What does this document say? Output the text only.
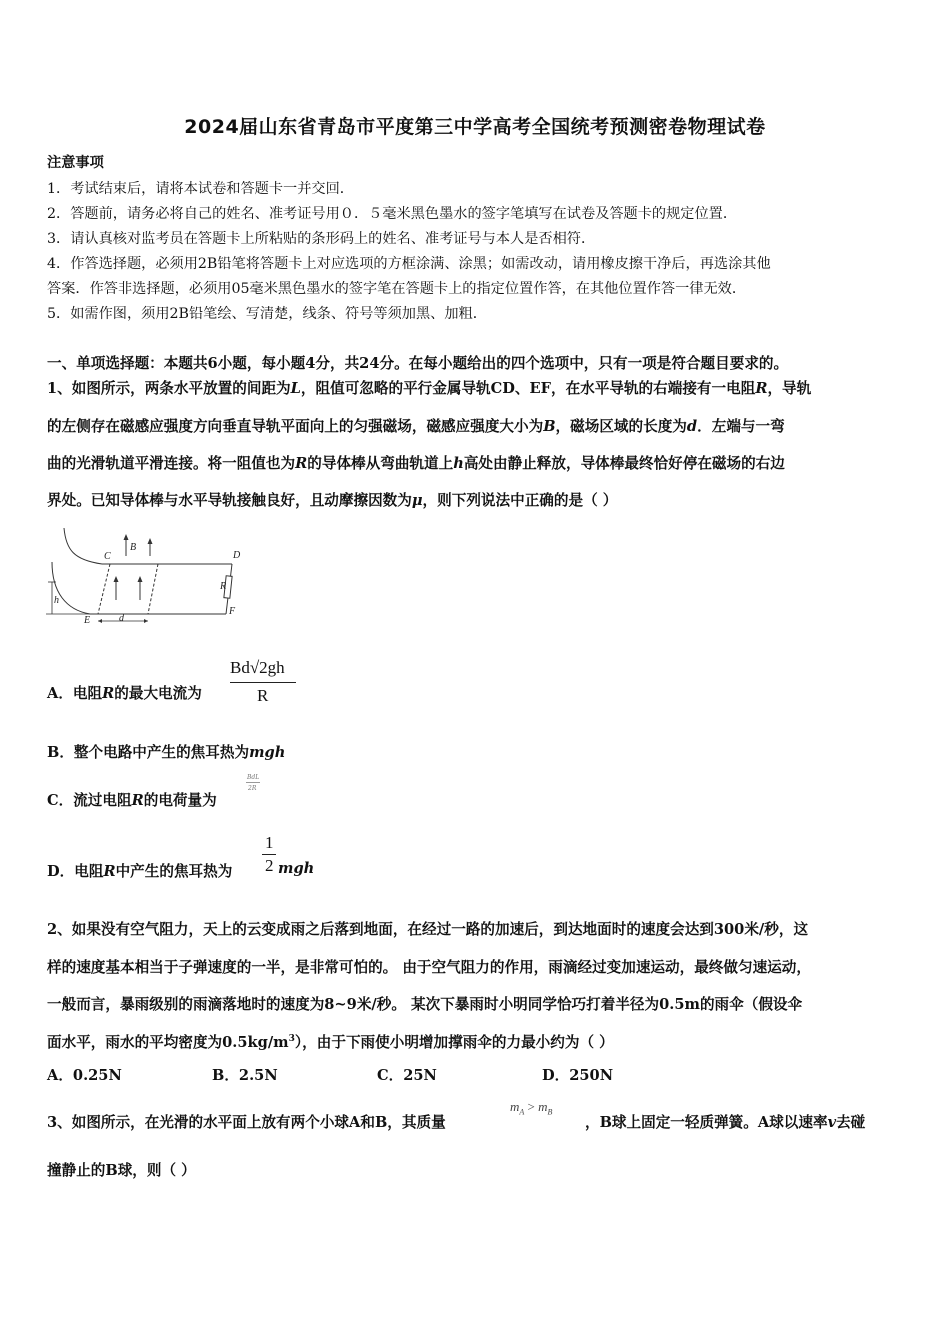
2024届山东省青岛市平度第三中学高考全国统考预测密卷物理试卷
注意事项
1．考试结束后，请将本试卷和答题卡一并交回．
2．答题前，请务必将自己的姓名、准考证号用０．５毫米黑色墨水的签字笔填写在试卷及答题卡的规定位置．
3．请认真核对监考员在答题卡上所粘贴的条形码上的姓名、准考证号与本人是否相符．
4．作答选择题，必须用2B铅笔将答题卡上对应选项的方框涂满、涂黑；如需改动，请用橡皮擦干净后，再选涂其他
答案．作答非选择题，必须用05毫米黑色墨水的签字笔在答题卡上的指定位置作答，在其他位置作答一律无效．
5．如需作图，须用2B铅笔绘、写清楚，线条、符号等须加黑、加粗．
一、单项选择题：本题共6小题，每小题4分，共24分。在每小题给出的四个选项中，只有一项是符合题目要求的。
1、如图所示，两条水平放置的间距为L，阻值可忽略的平行金属导轨CD、EF，在水平导轨的右端接有一电阻R，导轨
的左侧存在磁感应强度方向垂直导轨平面向上的匀强磁场，磁感应强度大小为B，磁场区域的长度为d．左端与一弯
曲的光滑轨道平滑连接。将一阻值也为R的导体棒从弯曲轨道上h高处由静止释放，导体棒最终恰好停在磁场的右边
界处。已知导体棒与水平导轨接触良好，且动摩擦因数为μ，则下列说法中正确的是（ ）
C
B
D
R
h
E	d
F
A．电阻R的最大电流为
Bd√2gh
R
B．整个电路中产生的焦耳热为mgh
C．流过电阻R的电荷量为
BdL
2R
D．电阻R中产生的焦耳热为
1
2 mgh
2、如果没有空气阻力，天上的云变成雨之后落到地面，在经过一路的加速后，到达地面时的速度会达到300米/秒，这
样的速度基本相当于子弹速度的一半，是非常可怕的。 由于空气阻力的作用，雨滴经过变加速运动，最终做匀速运动，
一般而言，暴雨级别的雨滴落地时的速度为8~9米/秒。 某次下暴雨时小明同学恰巧打着半径为0.5m的雨伞（假设伞
面水平，雨水的平均密度为$0.5kg/m^3$），由于下雨使小明增加撑雨伞的力最小约为（ ）
A．0.25N	B．2.5N	C．25N	D．250N
3、如图所示，在光滑的水平面上放有两个小球A和B，其质量
$m_A > m_B$
，B球上固定一轻质弹簧。A球以速率v去碰
撞静止的B球，则（ ）
